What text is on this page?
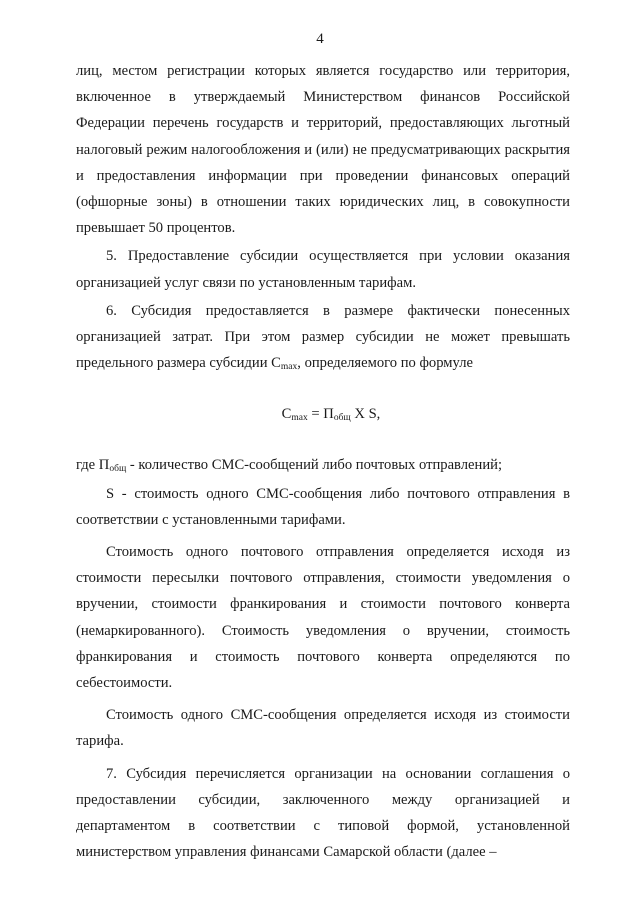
4

лиц, местом регистрации которых является государство или территория, включенное в утверждаемый Министерством финансов Российской Федерации перечень государств и территорий, предоставляющих льготный налоговый режим налогообложения и (или) не предусматривающих раскрытия и предоставления информации при проведении финансовых операций (офшорные зоны) в отношении таких юридических лиц, в совокупности превышает 50 процентов.

5. Предоставление субсидии осуществляется при условии оказания организацией услуг связи по установленным тарифам.

6. Субсидия предоставляется в размере фактически понесенных организацией затрат. При этом размер субсидии не может превышать предельного размера субсидии $С_{max}$, определяемого по формуле

$C_{max} = П_{общ}$ X S,

где $П_{общ}$ - количество СМС-сообщений либо почтовых отправлений;

S - стоимость одного СМС-сообщения либо почтового отправления в соответствии с установленными тарифами.

Стоимость одного почтового отправления определяется исходя из стоимости пересылки почтового отправления, стоимости уведомления о вручении, стоимости франкирования и стоимости почтового конверта (немаркированного). Стоимость уведомления о вручении, стоимость франкирования и стоимость почтового конверта определяются по себестоимости.

Стоимость одного СМС-сообщения определяется исходя из стоимости тарифа.

7. Субсидия перечисляется организации на основании соглашения о предоставлении субсидии, заключенного между организацией и департаментом в соответствии с типовой формой, установленной министерством управления финансами Самарской области (далее –
